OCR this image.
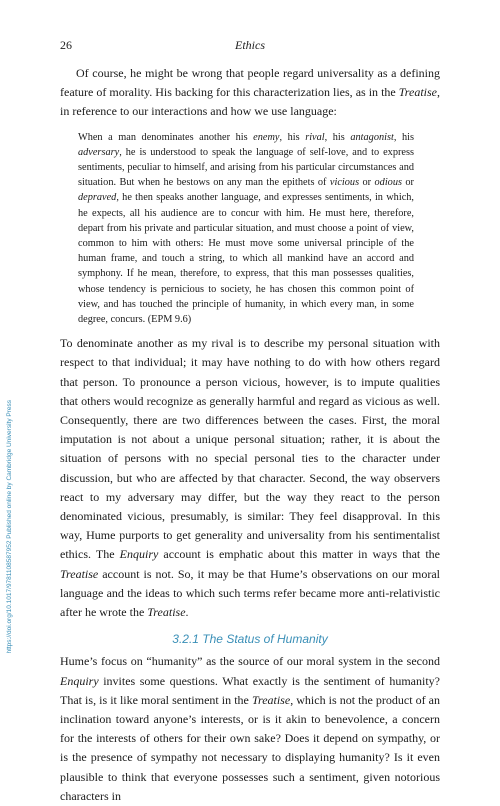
26	Ethics

Of course, he might be wrong that people regard universality as a defining feature of morality. His backing for this characterization lies, as in the Treatise, in reference to our interactions and how we use language:

When a man denominates another his enemy, his rival, his antagonist, his adversary, he is understood to speak the language of self-love, and to express sentiments, peculiar to himself, and arising from his particular circumstances and situation. But when he bestows on any man the epithets of vicious or odious or depraved, he then speaks another language, and expresses sentiments, in which, he expects, all his audience are to concur with him. He must here, therefore, depart from his private and particular situation, and must choose a point of view, common to him with others: He must move some universal principle of the human frame, and touch a string, to which all mankind have an accord and symphony. If he mean, therefore, to express, that this man possesses qualities, whose tendency is pernicious to society, he has chosen this common point of view, and has touched the principle of humanity, in which every man, in some degree, concurs. (EPM 9.6)

To denominate another as my rival is to describe my personal situation with respect to that individual; it may have nothing to do with how others regard that person. To pronounce a person vicious, however, is to impute qualities that others would recognize as generally harmful and regard as vicious as well. Consequently, there are two differences between the cases. First, the moral imputation is not about a unique personal situation; rather, it is about the situation of persons with no special personal ties to the character under discussion, but who are affected by that character. Second, the way observers react to my adversary may differ, but the way they react to the person denominated vicious, presumably, is similar: They feel disapproval. In this way, Hume purports to get generality and universality from his sentimentalist ethics. The Enquiry account is emphatic about this matter in ways that the Treatise account is not. So, it may be that Hume’s observations on our moral language and the ideas to which such terms refer became more anti-relativistic after he wrote the Treatise.

3.2.1 The Status of Humanity

Hume’s focus on “humanity” as the source of our moral system in the second Enquiry invites some questions. What exactly is the sentiment of humanity? That is, is it like moral sentiment in the Treatise, which is not the product of an inclination toward anyone’s interests, or is it akin to benevolence, a concern for the interests of others for their own sake? Does it depend on sympathy, or is the presence of sympathy not necessary to displaying humanity? Is it even plausible to think that everyone possesses such a sentiment, given notorious characters in

https://doi.org/10.1017/9781108587952 Published online by Cambridge University Press
